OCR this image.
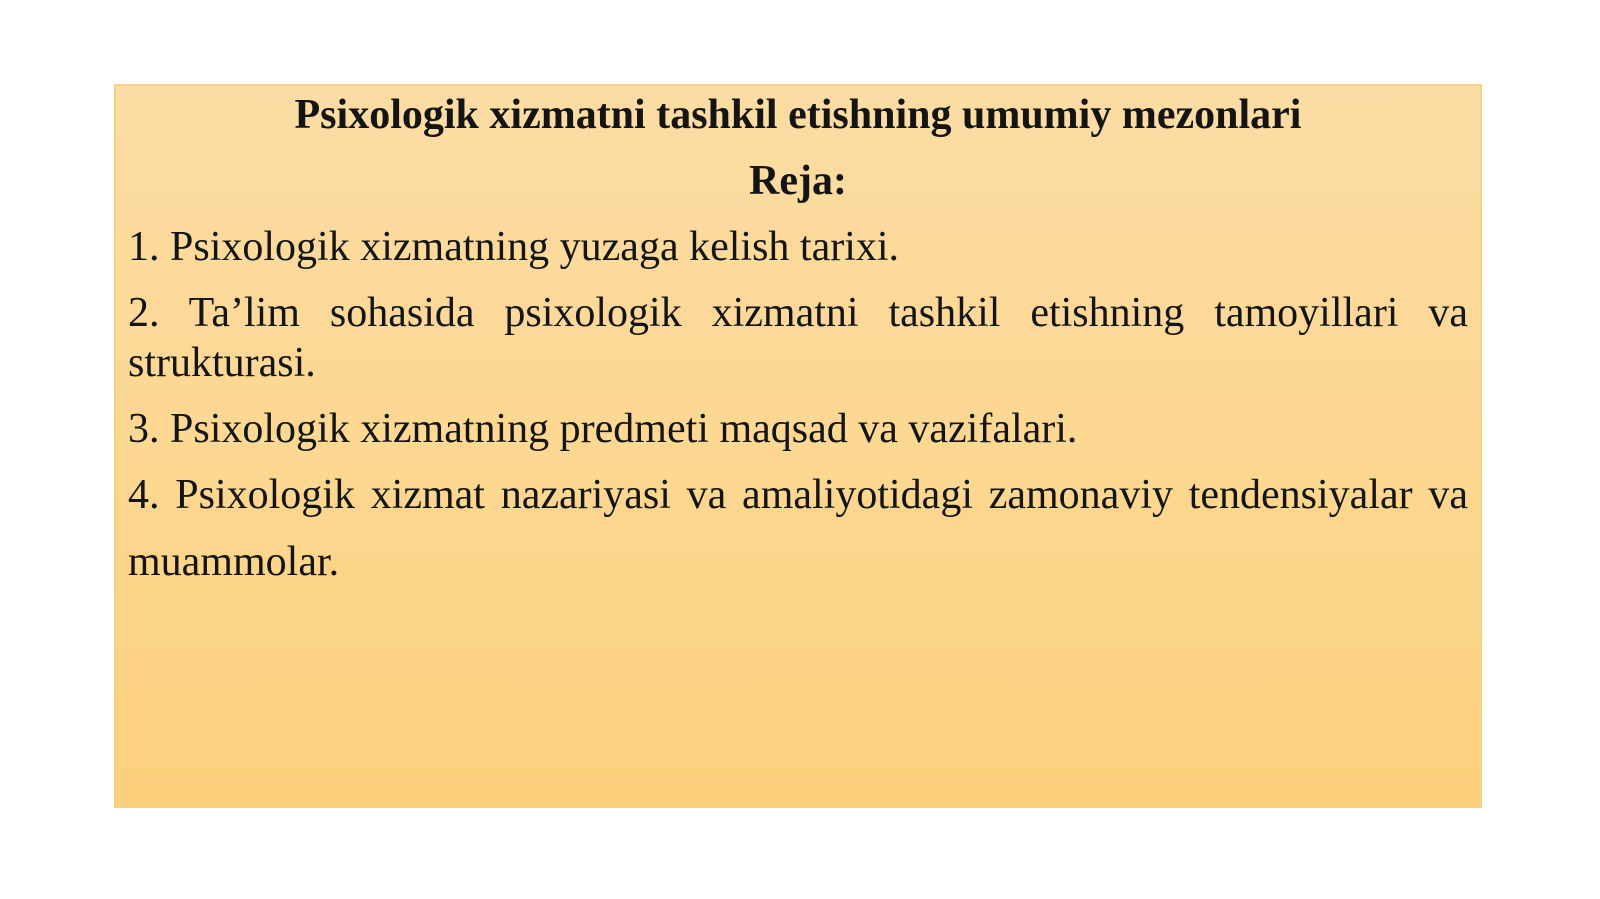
Psixologik xizmatni tashkil etishning umumiy mezonlari
Reja:
1. Psixologik xizmatning yuzaga kelish tarixi.
2. Ta’lim sohasida psixologik xizmatni tashkil etishning tamoyillari va strukturasi.
3. Psixologik xizmatning predmeti maqsad va vazifalari.
4. Psixologik xizmat nazariyasi va amaliyotidagi zamonaviy tendensiyalar va muammolar.
